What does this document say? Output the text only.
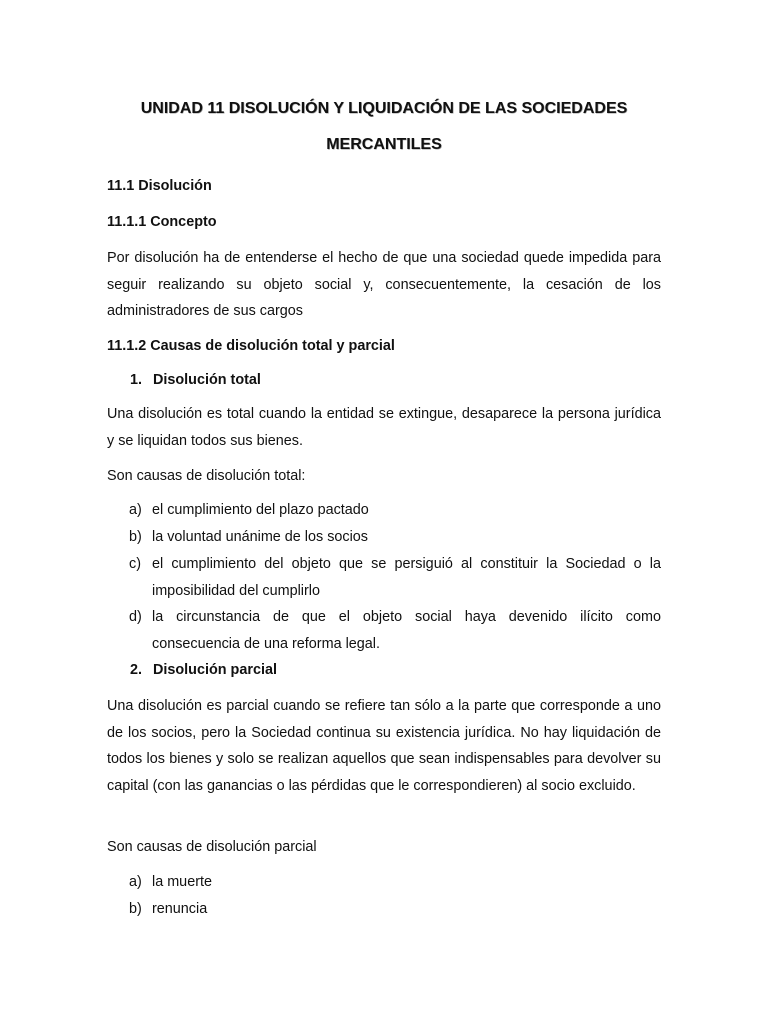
UNIDAD 11 DISOLUCIÓN Y LIQUIDACIÓN DE LAS SOCIEDADES
MERCANTILES
11.1 Disolución
11.1.1 Concepto
Por disolución ha de entenderse el hecho de que una sociedad quede impedida para seguir realizando su objeto social y, consecuentemente, la cesación de los administradores de sus cargos
11.1.2 Causas de disolución total y parcial
1. Disolución total
Una disolución es total cuando la entidad se extingue, desaparece la persona jurídica y se liquidan todos sus bienes.
Son causas de disolución total:
a) el cumplimiento del plazo pactado
b) la voluntad unánime de los socios
c) el cumplimiento del objeto que se persiguió al constituir la Sociedad o la imposibilidad del cumplirlo
d) la circunstancia de que el objeto social haya devenido ilícito como consecuencia de una reforma legal.
2. Disolución parcial
Una disolución es parcial cuando se refiere tan sólo a la parte que corresponde a uno de los socios, pero la Sociedad continua su existencia jurídica. No hay liquidación de todos los bienes y solo se realizan aquellos que sean indispensables para devolver su capital (con las ganancias o las pérdidas que le correspondieren) al socio excluido.
Son causas de disolución parcial
a) la muerte
b) renuncia
